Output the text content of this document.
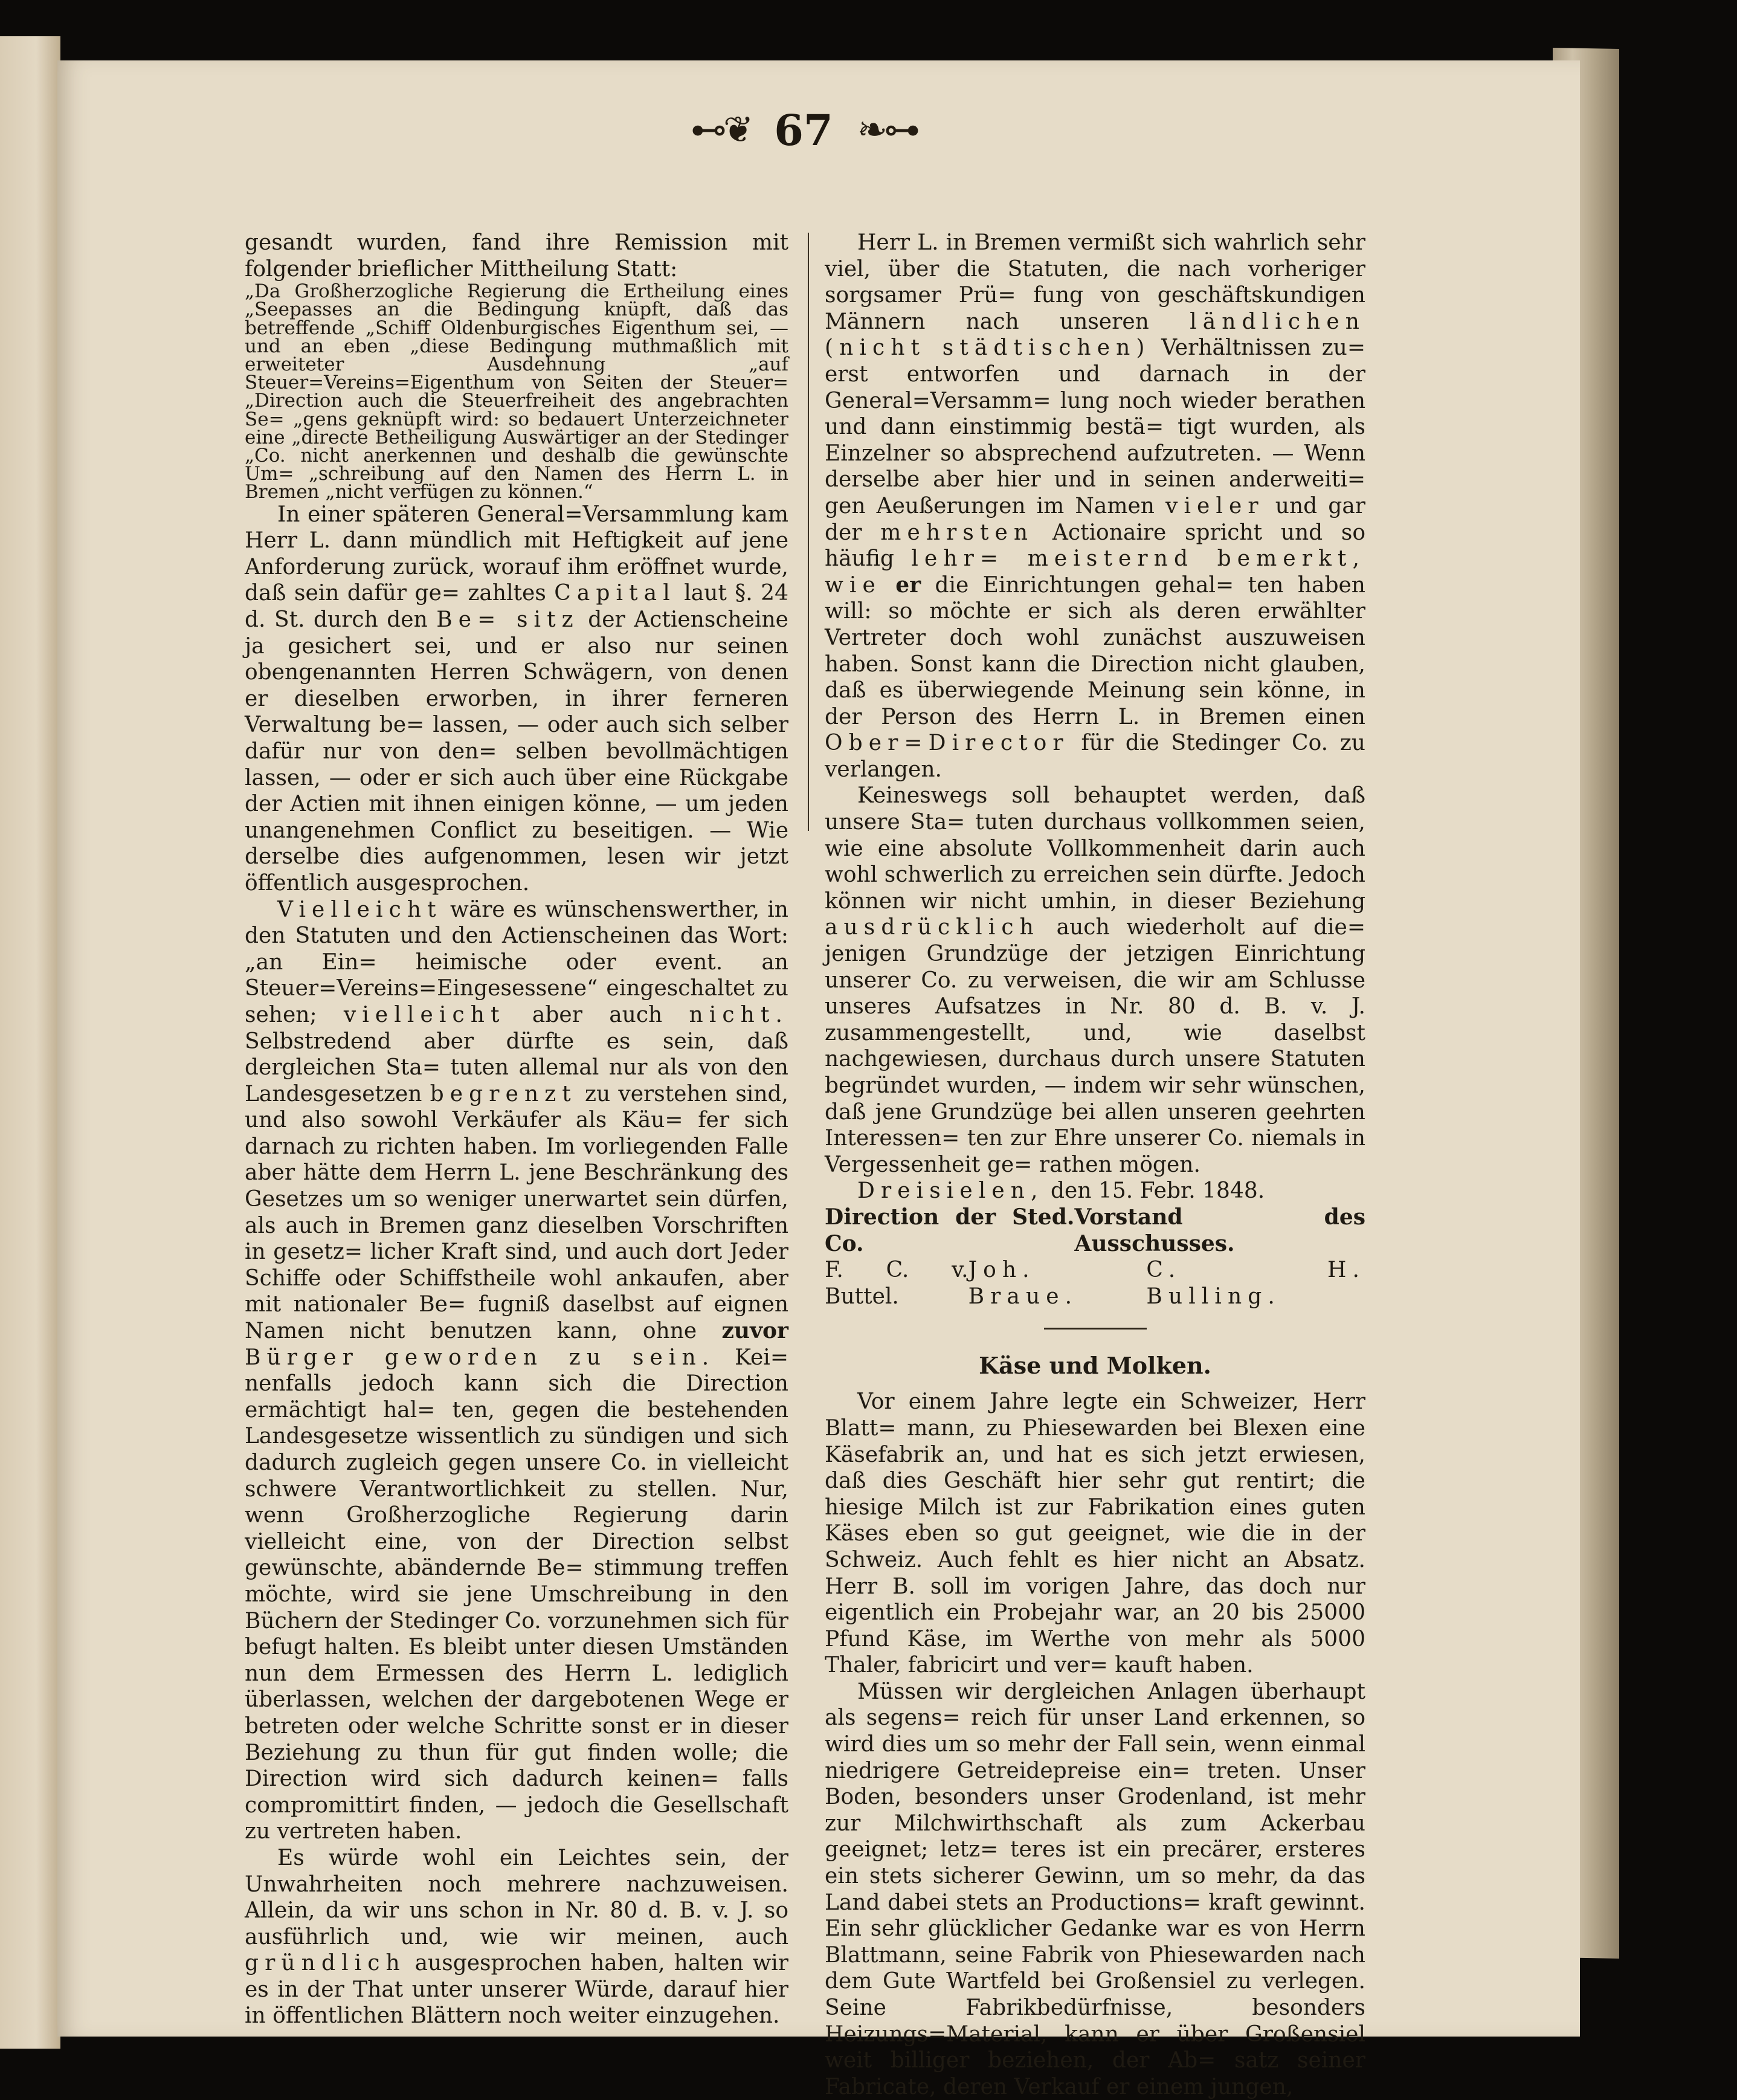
⊷❦ 67 ❧⊶

gesandt wurden, fand ihre Remission mit folgender brieflicher Mittheilung Statt:

„Da Großherzogliche Regierung die Ertheilung eines „Seepasses an die Bedingung knüpft, daß das betreffende „Schiff Oldenburgisches Eigenthum sei, — und an eben „diese Bedingung muthmaßlich mit erweiteter Ausdehnung „auf Steuer=Vereins=Eigenthum von Seiten der Steuer= „Direction auch die Steuerfreiheit des angebrachten Se= „gens geknüpft wird: so bedauert Unterzeichneter eine „directe Betheiligung Auswärtiger an der Stedinger „Co. nicht anerkennen und deshalb die gewünschte Um= „schreibung auf den Namen des Herrn L. in Bremen „nicht verfügen zu können.“

In einer späteren General=Versammlung kam Herr L. dann mündlich mit Heftigkeit auf jene Anforderung zurück, worauf ihm eröffnet wurde, daß sein dafür ge= zahltes Capital laut §. 24 d. St. durch den Be= sitz der Actienscheine ja gesichert sei, und er also nur seinen obengenannten Herren Schwägern, von denen er dieselben erworben, in ihrer ferneren Verwaltung be= lassen, — oder auch sich selber dafür nur von den= selben bevollmächtigen lassen, — oder er sich auch über eine Rückgabe der Actien mit ihnen einigen könne, — um jeden unangenehmen Conflict zu beseitigen. — Wie derselbe dies aufgenommen, lesen wir jetzt öffentlich ausgesprochen.

Vielleicht wäre es wünschenswerther, in den Statuten und den Actienscheinen das Wort: „an Ein= heimische oder event. an Steuer=Vereins=Eingesessene“ eingeschaltet zu sehen; vielleicht aber auch nicht. Selbstredend aber dürfte es sein, daß dergleichen Sta= tuten allemal nur als von den Landesgesetzen begrenzt zu verstehen sind, und also sowohl Verkäufer als Käu= fer sich darnach zu richten haben. Im vorliegenden Falle aber hätte dem Herrn L. jene Beschränkung des Gesetzes um so weniger unerwartet sein dürfen, als auch in Bremen ganz dieselben Vorschriften in gesetz= licher Kraft sind, und auch dort Jeder Schiffe oder Schiffstheile wohl ankaufen, aber mit nationaler Be= fugniß daselbst auf eignen Namen nicht benutzen kann, ohne zuvor Bürger geworden zu sein. Kei= nenfalls jedoch kann sich die Direction ermächtigt hal= ten, gegen die bestehenden Landesgesetze wissentlich zu sündigen und sich dadurch zugleich gegen unsere Co. in vielleicht schwere Verantwortlichkeit zu stellen. Nur, wenn Großherzogliche Regierung darin vielleicht eine, von der Direction selbst gewünschte, abändernde Be= stimmung treffen möchte, wird sie jene Umschreibung in den Büchern der Stedinger Co. vorzunehmen sich für befugt halten. Es bleibt unter diesen Umständen nun dem Ermessen des Herrn L. lediglich überlassen, welchen der dargebotenen Wege er betreten oder welche Schritte sonst er in dieser Beziehung zu thun für gut finden wolle; die Direction wird sich dadurch keinen= falls compromittirt finden, — jedoch die Gesellschaft zu vertreten haben.

Es würde wohl ein Leichtes sein, der Unwahrheiten noch mehrere nachzuweisen. Allein, da wir uns schon in Nr. 80 d. B. v. J. so ausführlich und, wie wir meinen, auch gründlich ausgesprochen haben, halten wir es in der That unter unserer Würde, darauf hier in öffentlichen Blättern noch weiter einzugehen.

Herr L. in Bremen vermißt sich wahrlich sehr viel, über die Statuten, die nach vorheriger sorgsamer Prü= fung von geschäftskundigen Männern nach unseren ländlichen (nicht städtischen) Verhältnissen zu= erst entworfen und darnach in der General=Versamm= lung noch wieder berathen und dann einstimmig bestä= tigt wurden, als Einzelner so absprechend aufzutreten. — Wenn derselbe aber hier und in seinen anderweiti= gen Aeußerungen im Namen vieler und gar der mehrsten Actionaire spricht und so häufig lehr= meisternd bemerkt, wie er die Einrichtungen gehal= ten haben will: so möchte er sich als deren erwählter Vertreter doch wohl zunächst auszuweisen haben. Sonst kann die Direction nicht glauben, daß es überwiegende Meinung sein könne, in der Person des Herrn L. in Bremen einen Ober=Director für die Stedinger Co. zu verlangen.

Keineswegs soll behauptet werden, daß unsere Sta= tuten durchaus vollkommen seien, wie eine absolute Vollkommenheit darin auch wohl schwerlich zu erreichen sein dürfte. Jedoch können wir nicht umhin, in dieser Beziehung ausdrücklich auch wiederholt auf die= jenigen Grundzüge der jetzigen Einrichtung unserer Co. zu verweisen, die wir am Schlusse unseres Aufsatzes in Nr. 80 d. B. v. J. zusammengestellt, und, wie daselbst nachgewiesen, durchaus durch unsere Statuten begründet wurden, — indem wir sehr wünschen, daß jene Grundzüge bei allen unseren geehrten Interessen= ten zur Ehre unserer Co. niemals in Vergessenheit ge= rathen mögen.

Dreisielen, den 15. Febr. 1848.

Direction der Sted. Co.
Vorstand des Ausschusses.
F. C. v. Buttel.
Joh. Braue.
C. H. Bulling.
Käse und Molken.

Vor einem Jahre legte ein Schweizer, Herr Blatt= mann, zu Phiesewarden bei Blexen eine Käsefabrik an, und hat es sich jetzt erwiesen, daß dies Geschäft hier sehr gut rentirt; die hiesige Milch ist zur Fabrikation eines guten Käses eben so gut geeignet, wie die in der Schweiz. Auch fehlt es hier nicht an Absatz. Herr B. soll im vorigen Jahre, das doch nur eigentlich ein Probejahr war, an 20 bis 25000 Pfund Käse, im Werthe von mehr als 5000 Thaler, fabricirt und ver= kauft haben.

Müssen wir dergleichen Anlagen überhaupt als segens= reich für unser Land erkennen, so wird dies um so mehr der Fall sein, wenn einmal niedrigere Getreidepreise ein= treten. Unser Boden, besonders unser Grodenland, ist mehr zur Milchwirthschaft als zum Ackerbau geeignet; letz= teres ist ein precärer, ersteres ein stets sicherer Gewinn, um so mehr, da das Land dabei stets an Productions= kraft gewinnt. Ein sehr glücklicher Gedanke war es von Herrn Blattmann, seine Fabrik von Phiesewarden nach dem Gute Wartfeld bei Großensiel zu verlegen. Seine Fabrikbedürfnisse, besonders Heizungs=Material, kann er über Großensiel weit billiger beziehen, der Ab= satz seiner Fabricate, deren Verkauf er einem jungen,
